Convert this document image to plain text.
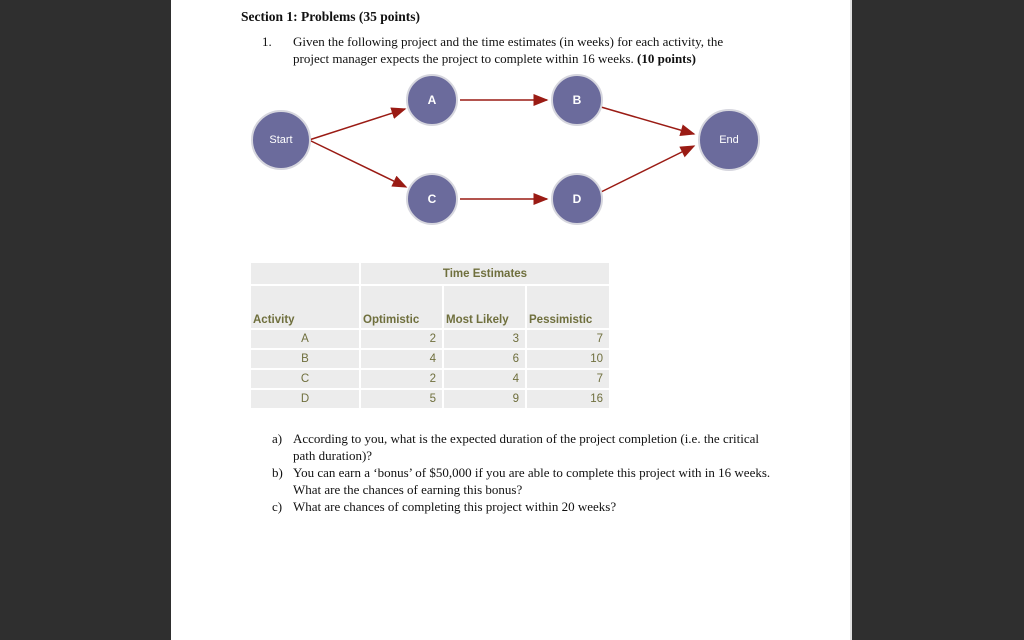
Section 1: Problems (35 points)
1.	Given the following project and the time estimates (in weeks) for each activity, the project manager expects the project to complete within 16 weeks. (10 points)
Start
A	B
C	D
End
	Time Estimates		
Activity	Optimistic	Most Likely	Pessimistic
A	2	3	7
B	4	6	10
C	2	4	7
D	5	9	16
a) According to you, what is the expected duration of the project completion (i.e. the critical path duration)?
b) You can earn a ‘bonus’ of $50,000 if you are able to complete this project with in 16 weeks. What are the chances of earning this bonus?
c) What are chances of completing this project within 20 weeks?
